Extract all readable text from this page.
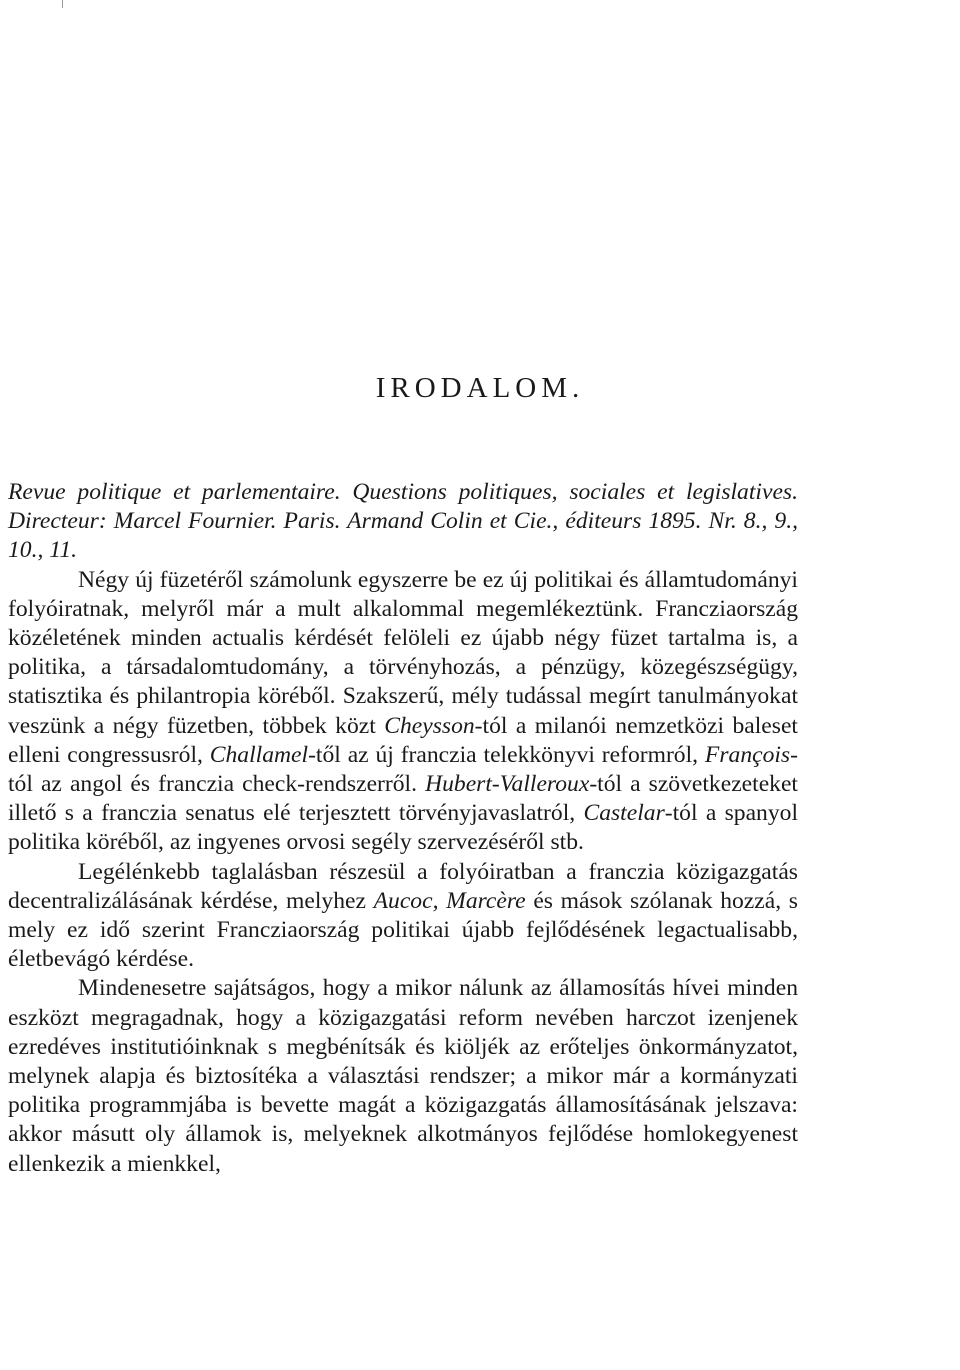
IRODALOM.

Revue politique et parlementaire. Questions politiques, sociales et legislatives. Directeur: Marcel Fournier. Paris. Armand Colin et Cie., éditeurs 1895. Nr. 8., 9., 10., 11.

Négy új füzetéről számolunk egyszerre be ez új politikai és államtudományi folyóiratnak, melyről már a mult alkalommal megemlékeztünk. Francziaország közéletének minden actualis kérdését felöleli ez újabb négy füzet tartalma is, a politika, a társadalomtudomány, a törvényhozás, a pénzügy, közegészségügy, statisztika és philantropia köréből. Szakszerű, mély tudással megírt tanulmányokat veszünk a négy füzetben, többek közt Cheysson-tól a milanói nemzetközi baleset elleni congressusról, Challamel-től az új franczia telekkönyvi reformról, François-tól az angol és franczia check-rendszerről. Hubert-Valleroux-tól a szövetkezeteket illető s a franczia senatus elé terjesztett törvényjavaslatról, Castelar-tól a spanyol politika köréből, az ingyenes orvosi segély szervezéséről stb.

Legélénkebb taglalásban részesül a folyóiratban a franczia közigazgatás decentralizálásának kérdése, melyhez Aucoc, Marcère és mások szólanak hozzá, s mely ez idő szerint Francziaország politikai újabb fejlődésének legactualisabb, életbevágó kérdése.

Mindenesetre sajátságos, hogy a mikor nálunk az államosítás hívei minden eszközt megragadnak, hogy a közigazgatási reform nevében harczot izenjenek ezredéves institutióinknak s megbénítsák és kiöljék az erőteljes önkormányzatot, melynek alapja és biztosítéka a választási rendszer; a mikor már a kormányzati politika programmjába is bevette magát a közigazgatás államosításának jelszava: akkor másutt oly államok is, melyeknek alkotmányos fejlődése homlokegyenest ellenkezik a mienkkel,
